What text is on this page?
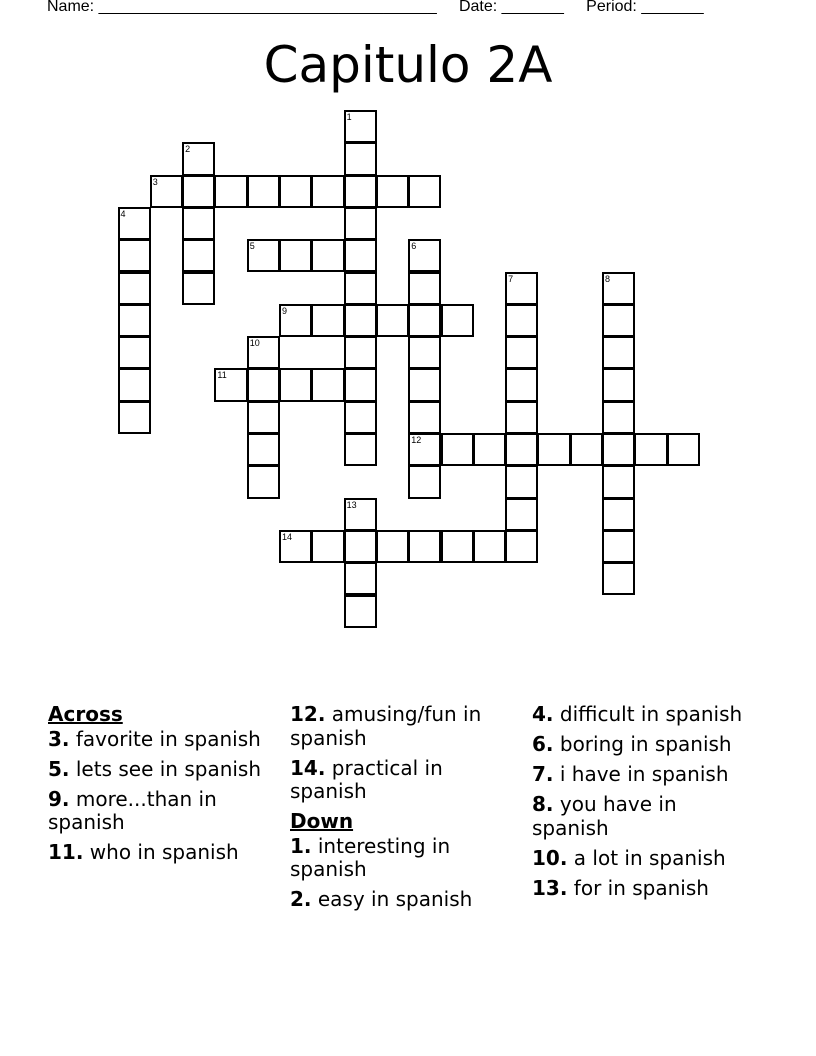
Name: ______________________________________ Date: _______ Period: _______
Capitulo 2A
1
2
3
4
5	6
12
7	8
9
10
11
13
14
Across
3. favorite in spanish
5. lets see in spanish
9. more...than in spanish
11. who in spanish
12. amusing/fun in spanish
14. practical in spanish
Down
1. interesting in spanish
2. easy in spanish
4. difficult in spanish
6. boring in spanish
7. i have in spanish
8. you have in spanish
10. a lot in spanish
13. for in spanish
